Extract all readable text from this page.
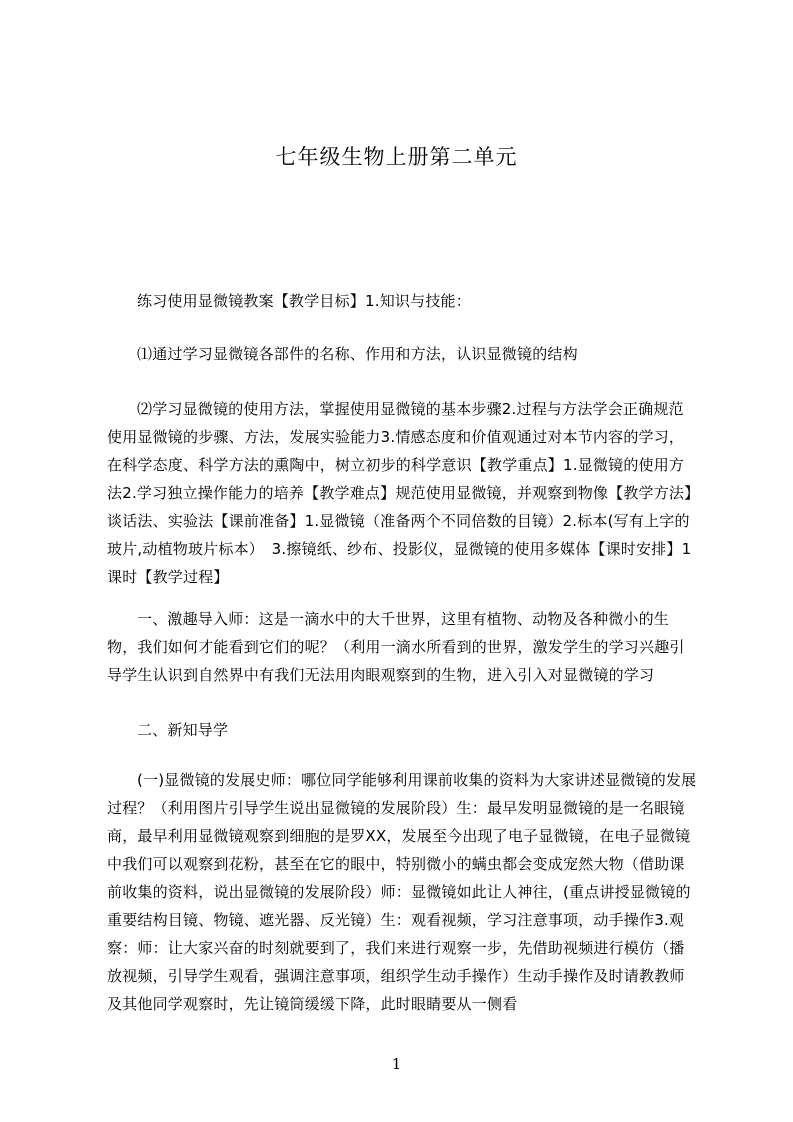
七年级生物上册第二单元

练习使用显微镜教案【教学目标】1.知识与技能：

⑴通过学习显微镜各部件的名称、作用和方法，认识显微镜的结构

⑵学习显微镜的使用方法，掌握使用显微镜的基本步骤2.过程与方法学会正确规范使用显微镜的步骤、方法，发展实验能力3.情感态度和价值观通过对本节内容的学习，在科学态度、科学方法的熏陶中，树立初步的科学意识【教学重点】1.显微镜的使用方法2.学习独立操作能力的培养【教学难点】规范使用显微镜，并观察到物像【教学方法】谈话法、实验法【课前准备】1.显微镜（准备两个不同倍数的目镜）2.标本(写有上字的玻片,动植物玻片标本）　3.擦镜纸、纱布、投影仪，显微镜的使用多媒体【课时安排】1课时【教学过程】

一、激趣导入师：这是一滴水中的大千世界，这里有植物、动物及各种微小的生物，我们如何才能看到它们的呢？（利用一滴水所看到的世界，激发学生的学习兴趣引导学生认识到自然界中有我们无法用肉眼观察到的生物，进入引入对显微镜的学习

二、新知导学

(一)显微镜的发展史师：哪位同学能够利用课前收集的资料为大家讲述显微镜的发展过程？（利用图片引导学生说出显微镜的发展阶段）生：最早发明显微镜的是一名眼镜商，最早利用显微镜观察到细胞的是罗XX，发展至今出现了电子显微镜，在电子显微镜中我们可以观察到花粉，甚至在它的眼中，特别微小的螨虫都会变成宠然大物（借助课前收集的资料，说出显微镜的发展阶段）师：显微镜如此让人神往，(重点讲授显微镜的重要结构目镜、物镜、遮光器、反光镜）生：观看视频，学习注意事项，动手操作3.观察：师：让大家兴奋的时刻就要到了，我们来进行观察一步，先借助视频进行模仿（播放视频，引导学生观看，强调注意事项，组织学生动手操作）生动手操作及时请教教师及其他同学观察时，先让镜筒缓缓下降，此时眼睛要从一侧看

1
